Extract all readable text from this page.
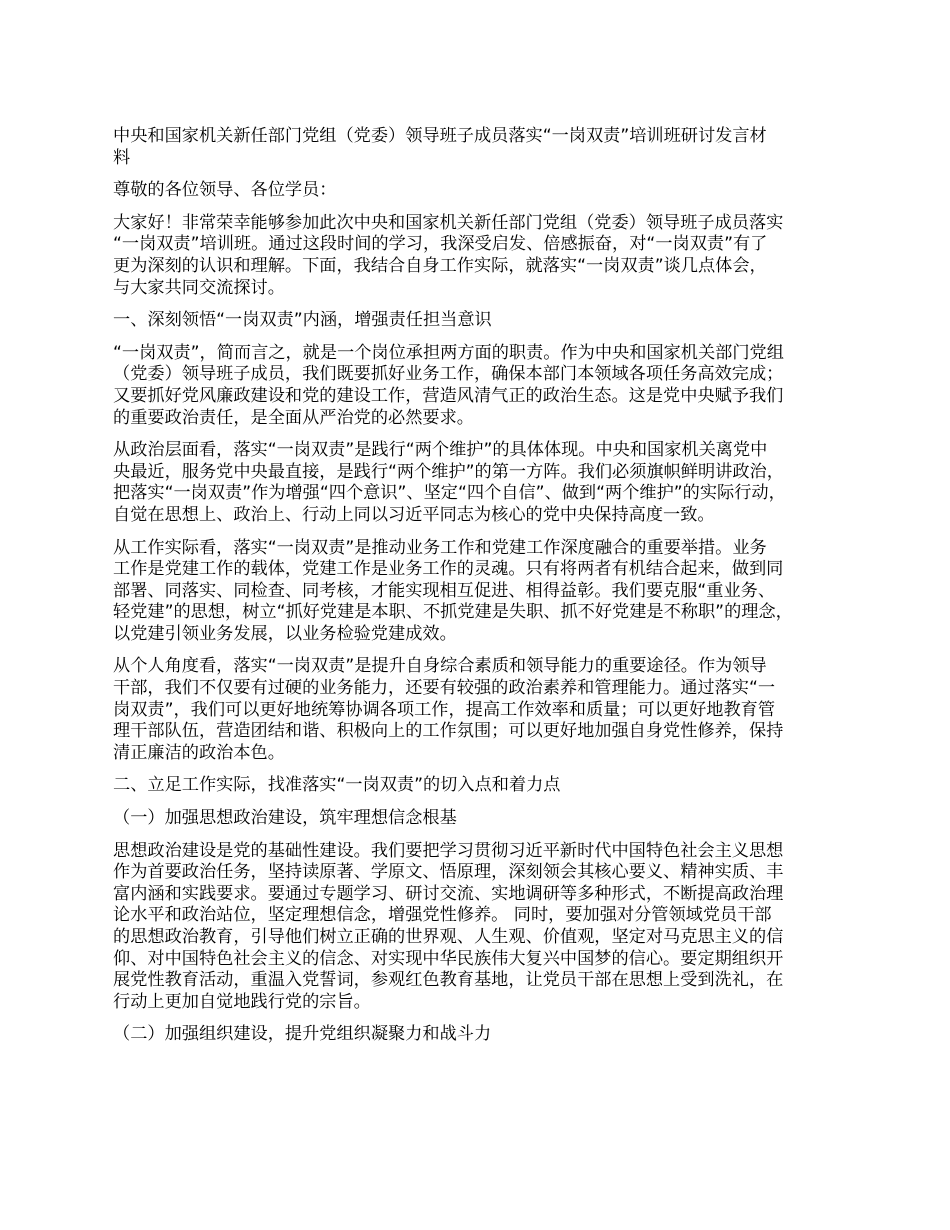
中央和国家机关新任部门党组（党委）领导班子成员落实“一岗双责”培训班研讨发言材
料

尊敬的各位领导、各位学员：

大家好！非常荣幸能够参加此次中央和国家机关新任部门党组（党委）领导班子成员落实
“一岗双责”培训班。通过这段时间的学习，我深受启发、倍感振奋，对“一岗双责”有了
更为深刻的认识和理解。下面，我结合自身工作实际，就落实“一岗双责”谈几点体会，
与大家共同交流探讨。

一、深刻领悟“一岗双责”内涵，增强责任担当意识

“一岗双责”，简而言之，就是一个岗位承担两方面的职责。作为中央和国家机关部门党组
（党委）领导班子成员，我们既要抓好业务工作，确保本部门本领域各项任务高效完成；
又要抓好党风廉政建设和党的建设工作，营造风清气正的政治生态。这是党中央赋予我们
的重要政治责任，是全面从严治党的必然要求。

从政治层面看，落实“一岗双责”是践行“两个维护”的具体体现。中央和国家机关离党中
央最近，服务党中央最直接，是践行“两个维护”的第一方阵。我们必须旗帜鲜明讲政治，
把落实“一岗双责”作为增强“四个意识”、坚定“四个自信”、做到“两个维护”的实际行动，
自觉在思想上、政治上、行动上同以习近平同志为核心的党中央保持高度一致。

从工作实际看，落实“一岗双责”是推动业务工作和党建工作深度融合的重要举措。业务
工作是党建工作的载体，党建工作是业务工作的灵魂。只有将两者有机结合起来，做到同
部署、同落实、同检查、同考核，才能实现相互促进、相得益彰。我们要克服“重业务、
轻党建”的思想，树立“抓好党建是本职、不抓党建是失职、抓不好党建是不称职”的理念，
以党建引领业务发展，以业务检验党建成效。

从个人角度看，落实“一岗双责”是提升自身综合素质和领导能力的重要途径。作为领导
干部，我们不仅要有过硬的业务能力，还要有较强的政治素养和管理能力。通过落实“一
岗双责”，我们可以更好地统筹协调各项工作，提高工作效率和质量；可以更好地教育管
理干部队伍，营造团结和谐、积极向上的工作氛围；可以更好地加强自身党性修养，保持
清正廉洁的政治本色。

二、立足工作实际，找准落实“一岗双责”的切入点和着力点

（一）加强思想政治建设，筑牢理想信念根基

思想政治建设是党的基础性建设。我们要把学习贯彻习近平新时代中国特色社会主义思想
作为首要政治任务，坚持读原著、学原文、悟原理，深刻领会其核心要义、精神实质、丰
富内涵和实践要求。要通过专题学习、研讨交流、实地调研等多种形式，不断提高政治理
论水平和政治站位，坚定理想信念，增强党性修养。 同时，要加强对分管领域党员干部
的思想政治教育，引导他们树立正确的世界观、人生观、价值观，坚定对马克思主义的信
仰、对中国特色社会主义的信念、对实现中华民族伟大复兴中国梦的信心。要定期组织开
展党性教育活动，重温入党誓词，参观红色教育基地，让党员干部在思想上受到洗礼，在
行动上更加自觉地践行党的宗旨。

（二）加强组织建设，提升党组织凝聚力和战斗力
